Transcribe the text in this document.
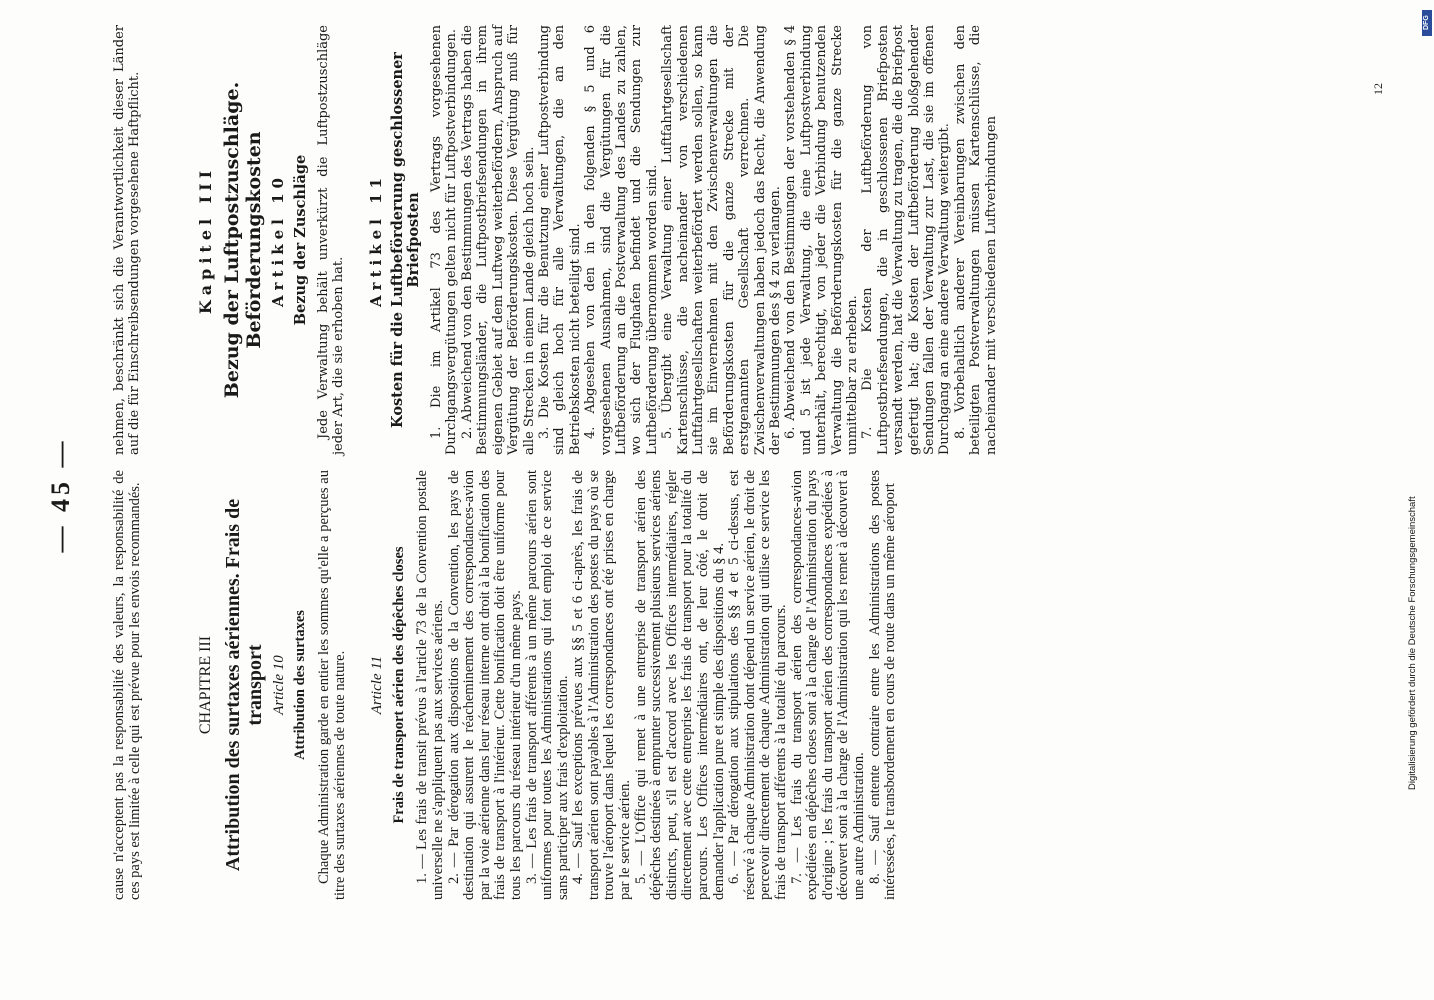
— 45 — cause n'acceptent pas la responsabilité des valeurs, la responsabilité de ces pays est limitée à celle qui est prévue pour les envois recommandés.	CHAPITRE III Attribution des surtaxes aériennes. Frais de transport Article 10 Attribution des surtaxes Chaque Administration garde en entier les sommes qu'elle a perçues au titre des surtaxes aériennes de toute nature. Article 11 Frais de transport aérien des dépêches closes 1. — Les frais de transit prévus à l'article 73 de la Convention postale universelle ne s'appliquent pas aux services aériens. 2. — Par dérogation aux dispositions de la Convention, les pays de destination qui assurent le réacheminement des correspondances-avion par la voie aérienne dans leur réseau interne ont droit à la bonification des frais de transport à l'intérieur. Cette bonification doit être uniforme pour tous les parcours du réseau intérieur d'un même pays. 3. — Les frais de transport afférents à un même parcours aérien sont uniformes pour toutes les Administrations qui font emploi de ce service sans participer aux frais d'exploitation. 4. — Sauf les exceptions prévues aux §§ 5 et 6 ci-après, les frais de transport aérien sont payables à l'Administration des postes du pays où se trouve l'aéroport dans lequel les correspondances ont été prises en charge par le service aérien. 5. — L'Office qui remet à une entreprise de transport aérien des dépêches destinées à emprunter successivement plusieurs services aériens distincts, peut, s'il est d'accord avec les Offices intermédiaires, régler directement avec cette entreprise les frais de transport pour la totalité du parcours. Les Offices intermédiaires ont, de leur côté, le droit de demander l'application pure et simple des dispositions du § 4. 6. — Par dérogation aux stipulations des §§ 4 et 5 ci-dessus, est réservé à chaque Administration dont dépend un service aérien, le droit de percevoir directement de chaque Administration qui utilise ce service les frais de transport afférents à la totalité du parcours. 7. — Les frais du transport aérien des correspondances-avion expédiées en dépêches closes sont à la charge de l'Administration du pays d'origine ; les frais du transport aérien des correspondances expédiées à découvert sont à la charge de l'Administration qui les remet à découvert à une autre Administration. 8. — Sauf entente contraire entre les Administrations des postes intéressées, le transbordement en cours de route dans un même aéroport

nehmen, beschränkt sich die Verantwortlichkeit dieser Länder auf die für Einschreibsendungen vorgesehene Haftpflicht.	Kapitel III Bezug der Luftpostzuschläge. Beförderungskosten Artikel 10 Bezug der Zuschläge Jede Verwaltung behält unverkürzt die Luftpostzuschläge jeder Art, die sie erhoben hat.

Artikel 11 Kosten für die Luftbeförderung geschlossener Briefposten 1. Die im Artikel 73 des Vertrags vorgesehenen Durchgangsvergütungen gelten nicht für Luftpostverbindungen. 2. Abweichend von den Bestimmungen des Vertrags haben die Bestimmungsländer, die Luftpostbriefsendungen in ihrem eigenen Gebiet auf dem Luftweg weiterbefördern, Anspruch auf Vergütung der Beförderungskosten. Diese Vergütung muß für alle Strecken in einem Lande gleich hoch sein. 3. Die Kosten für die Benutzung einer Luftpostverbindung sind gleich hoch für alle Verwaltungen, die an den Betriebskosten nicht beteiligt sind. 4. Abgesehen von den in den folgenden § 5 und 6 vorgesehenen Ausnahmen, sind die Vergütungen für die Luftbeförderung an die Postverwaltung des Landes zu zahlen, wo sich der Flughafen befindet und die Sendungen zur Luftbeförderung übernommen worden sind. 5. Übergibt eine Verwaltung einer Luftfahrtgesellschaft Kartenschlüsse, die nacheinander von verschiedenen Luftfahrtgesellschaften weiterbefördert werden sollen, so kann sie im Einvernehmen mit den Zwischenverwaltungen die Beförderungskosten für die ganze Strecke mit der erstgenannten Gesellschaft verrechnen. Die Zwischenverwaltungen haben jedoch das Recht, die Anwendung der Bestimmungen des § 4 zu verlangen. 6. Abweichend von den Bestimmungen der vorstehenden § 4 und 5 ist jede Verwaltung, die eine Luftpostverbindung unterhält, berechtigt, von jeder die Verbindung benutzenden Verwaltung die Beförderungskosten für die ganze Strecke unmittelbar zu erheben. 7. Die Kosten der Luftbeförderung von Luftpostbriefsendungen, die in geschlossenen Briefposten versandt werden, hat die Verwaltung zu tragen, die die Briefpost gefertigt hat; die Kosten der Luftbeförderung bloßgehender Sendungen fallen der Verwaltung zur Last, die sie im offenen Durchgang an eine andere Verwaltung weitergibt. 8. Vorbehaltlich anderer Vereinbarungen zwischen den beteiligten Postverwaltungen müssen Kartenschlüsse, die nacheinander mit verschiedenen Luftverbindungen

12
DFG
Digitalisierung gefördert durch die Deutsche Forschungsgemeinschaft
